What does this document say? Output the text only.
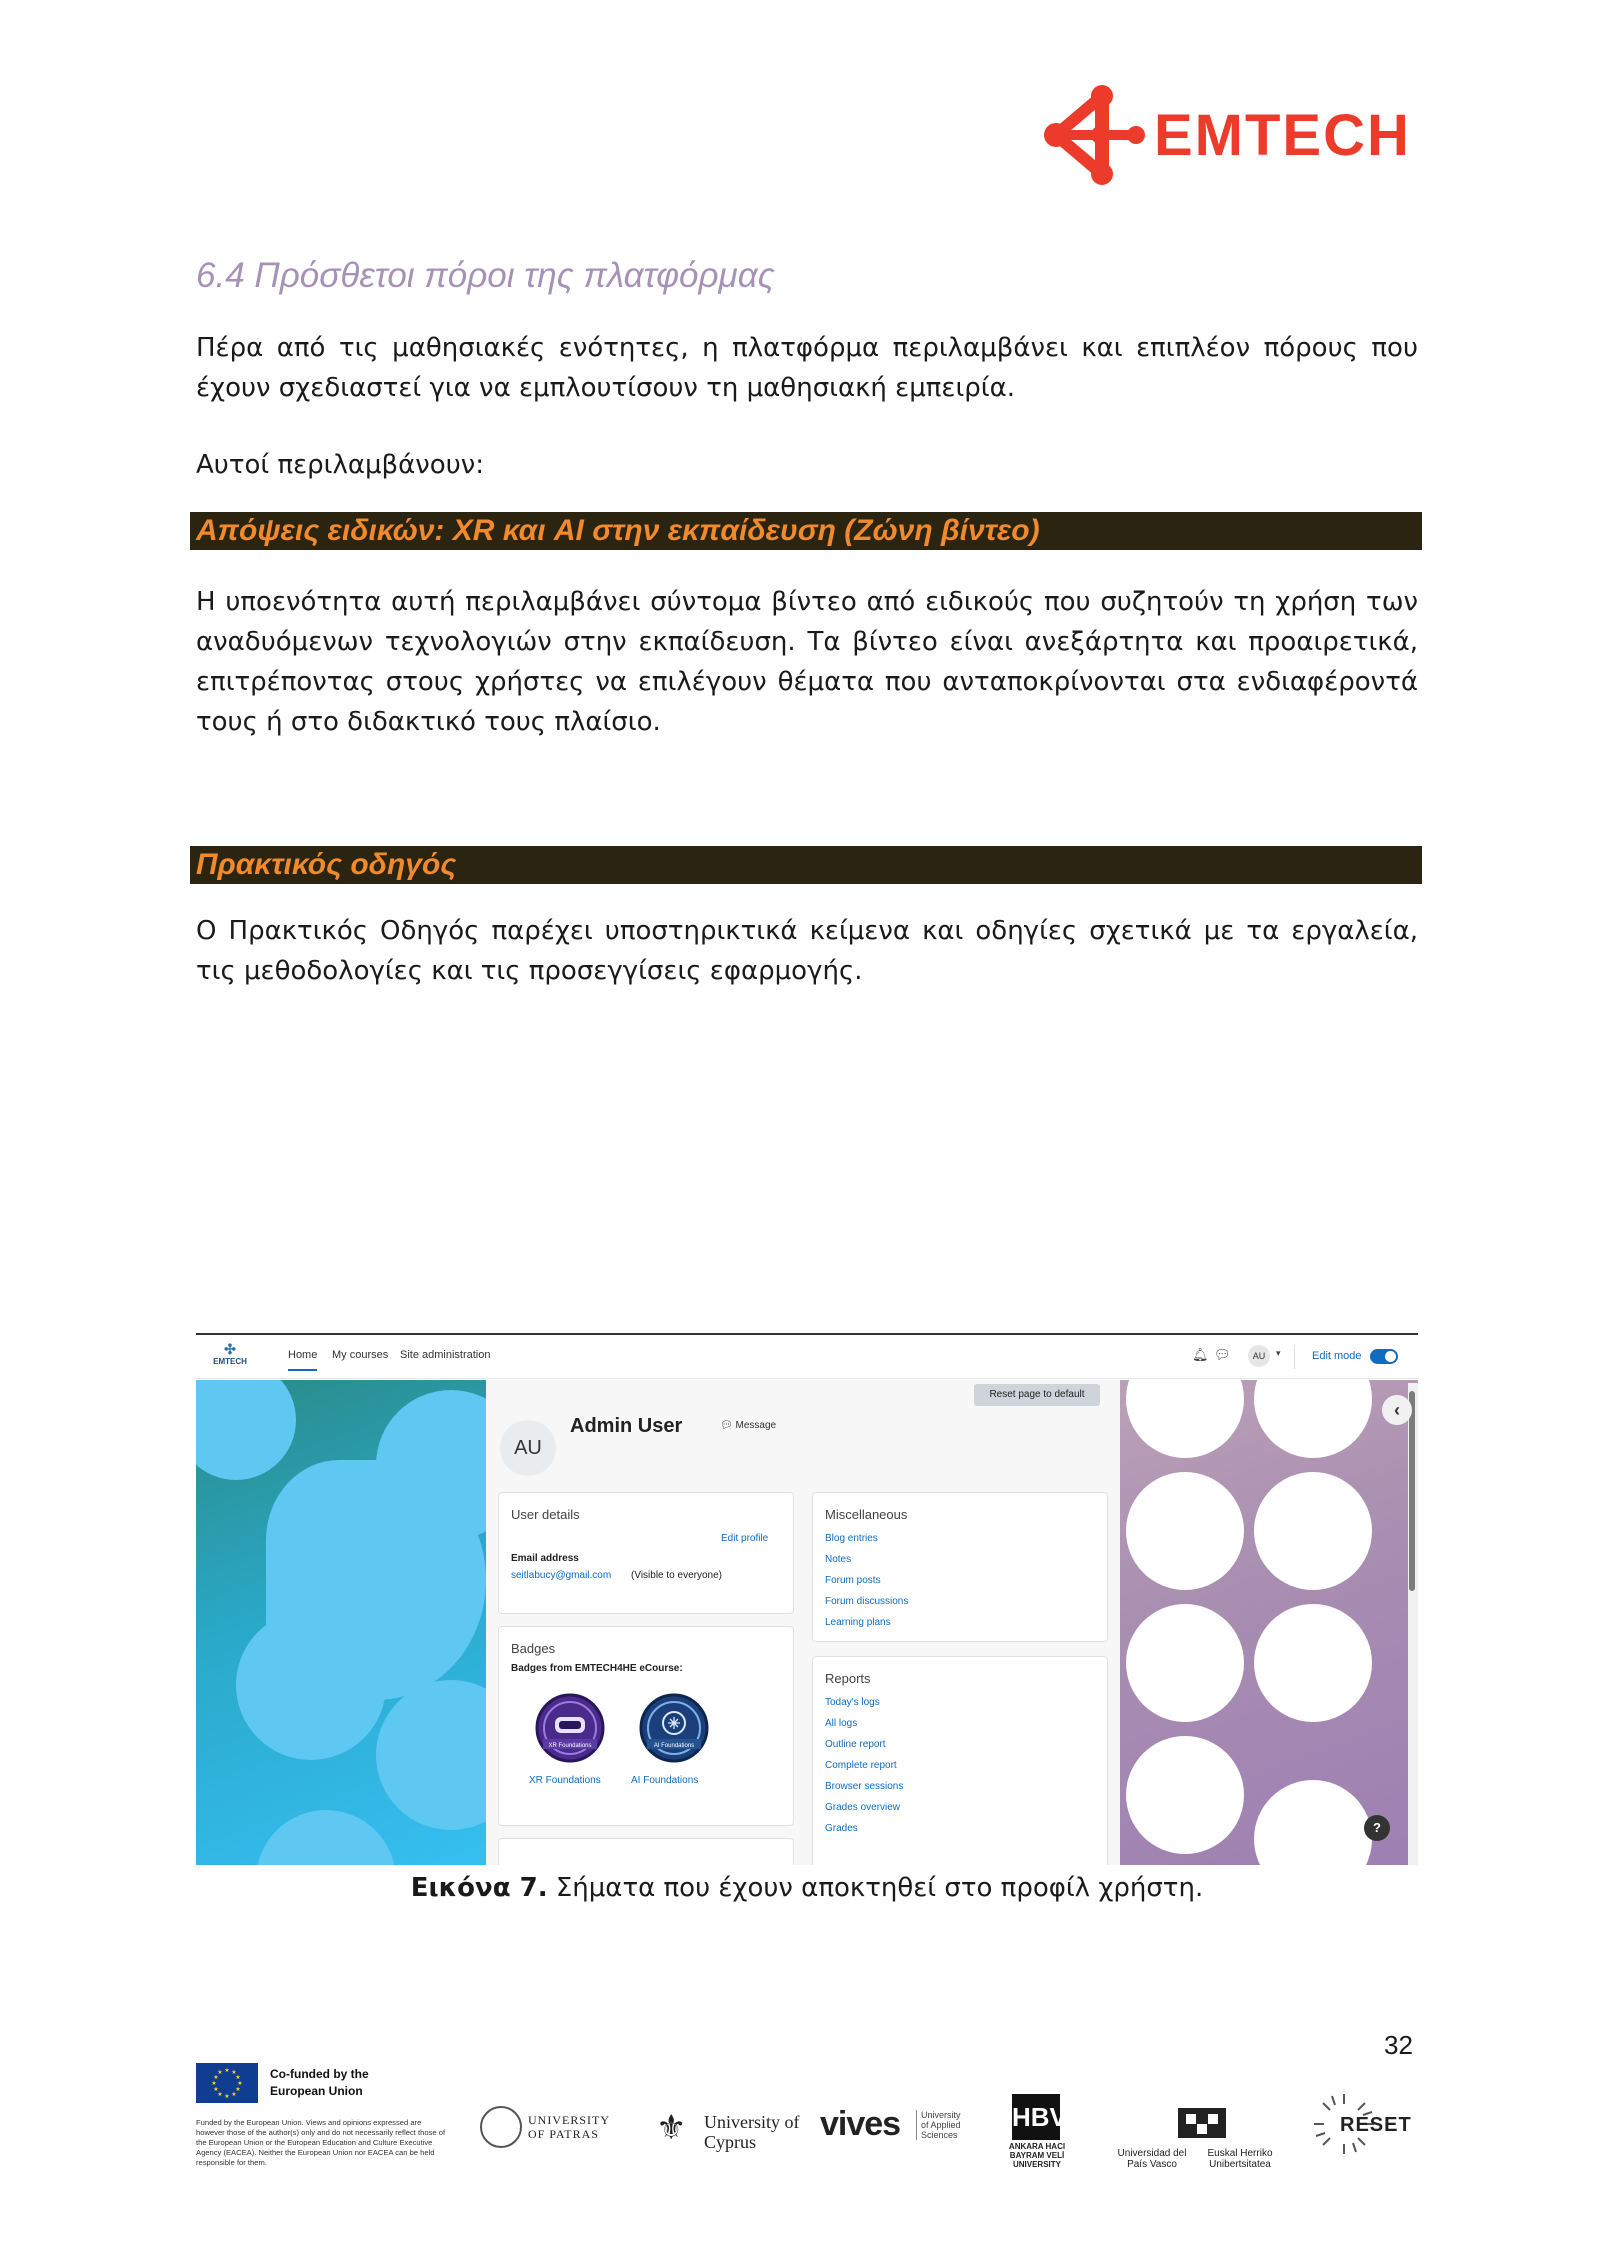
EMTECH
6.4 Πρόσθετοι πόροι της πλατφόρμας
Πέρα από τις μαθησιακές ενότητες, η πλατφόρμα περιλαμβάνει και επιπλέον πόρους που έχουν σχεδιαστεί για να εμπλουτίσουν τη μαθησιακή εμπειρία.
Αυτοί περιλαμβάνουν:
Απόψεις ειδικών: XR και AI στην εκπαίδευση (Ζώνη βίντεο)
Η υποενότητα αυτή περιλαμβάνει σύντομα βίντεο από ειδικούς που συζητούν τη χρήση των αναδυόμενων τεχνολογιών στην εκπαίδευση. Τα βίντεο είναι ανεξάρτητα και προαιρετικά, επιτρέποντας στους χρήστες να επιλέγουν θέματα που ανταποκρίνονται στα ενδιαφέροντά τους ή στο διδακτικό τους πλαίσιο.
Πρακτικός οδηγός
Ο Πρακτικός Οδηγός παρέχει υποστηρικτικά κείμενα και οδηγίες σχετικά με τα εργαλεία, τις μεθοδολογίες και τις προσεγγίσεις εφαρμογής.
✣
EMTECH
Home My courses Site administration	🔔︎ 💬︎	AU	▾	Edit mode
Reset page to default
AU
Admin User	💬︎ Message
User details
Edit profile
Email address
seitlabucy@gmail.com (Visible to everyone)
Badges
Badges from EMTECH4HE eCourse:
XR Foundations
XR Foundations
AI Foundations
AI Foundations
Miscellaneous
Blog entries
Notes
Forum posts
Forum discussions
Learning plans
Reports
Today's logs
All logs
Outline report
Complete report
Browser sessions
Grades overview
Grades
‹
?
Εικόνα 7. Σήματα που έχουν αποκτηθεί στο προφίλ χρήστη.
32
★ ★
★
★
★
★
★
★
★
★
★
★	Co-funded by the European Union
Funded by the European Union. Views and opinions expressed are however those of the author(s) only and do not necessarily reflect those of the European Union or the European Education and Culture Executive Agency (EACEA). Neither the European Union nor EACEA can be held responsible for them.
UNIVERSITY OF PATRAS	⚜ University of Cyprus	vives	University of Applied Sciences
HBV
ANKARA HACI BAYRAM VELİ UNIVERSITY
Universidad del País Vasco
Euskal Herriko Unibertsitatea
RESET
